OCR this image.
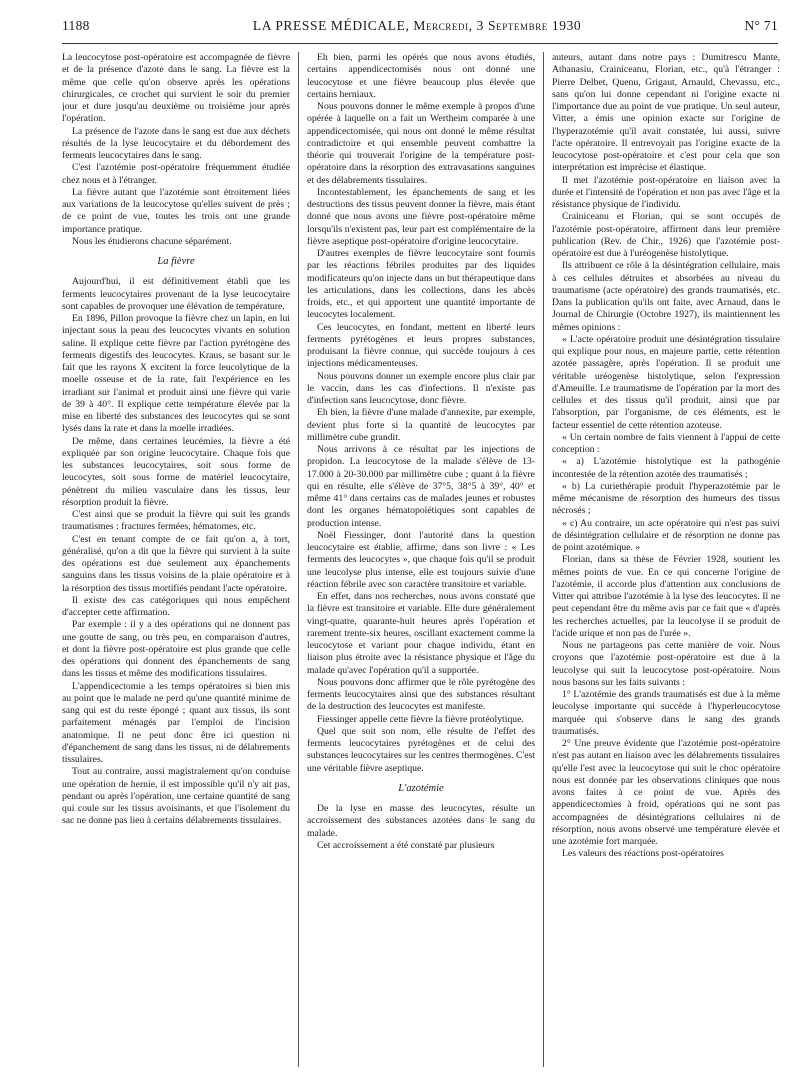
1188	LA PRESSE MÉDICALE, Mercredi, 3 Septembre 1930	N° 71

La leucocytose post-opératoire est accompagnée de fièvre et de la présence d'azote dans le sang. La fièvre est la même que celle qu'on observe après les opérations chirurgicales, ce crochet qui survient le soir du premier jour et dure jusqu'au deuxième ou troisième jour après l'opération.

La présence de l'azote dans le sang est due aux déchets résultés de la lyse leucocytaire et du débordement des ferments leucocytaires dans le sang.

C'est l'azotémie post-opératoire fréquemment étudiée chez nous et à l'étranger.

La fièvre autant que l'azotémie sont étroitement liées aux variations de la leucocytose qu'elles suivent de près ; de ce point de vue, toutes les trois ont une grande importance pratique.

Nous les étudierons chacune séparément.

La fièvre

Aujourd'hui, il est définitivement établi que les ferments leucocytaires provenant de la lyse leucocytaire sont capables de provoquer une élévation de température.

En 1896, Pillon provoque la fièvre chez un lapin, en lui injectant sous la peau des leucocytes vivants en solution saline. Il explique cette fièvre par l'action pyrétogène des ferments digestifs des leucocytes. Kraus, se basant sur le fait que les rayons X excitent la force leucolytique de la moelle osseuse et de la rate, fait l'expérience en les irradiant sur l'animal et produit ainsi une fièvre qui varie de 39 à 40°. Il explique cette température élevée par la mise en liberté des substances des leucocytes qui se sont lysés dans la rate et dans la moelle irradiées.

De même, dans certaines leucémies, la fièvre a été expliquée par son origine leucocytaire. Chaque fois que les substances leucocytaires, soit sous forme de leucocytes, soit sous forme de matériel leucocytaire, pénètrent du milieu vasculaire dans les tissus, leur résorption produit la fièvre.

C'est ainsi que se produit la fièvre qui suit les grands traumatismes : fractures fermées, hématomes, etc.

C'est en tenant compte de ce fait qu'on a, à tort, généralisé, qu'on a dit que la fièvre qui survient à la suite des opérations est due seulement aux épanchements sanguins dans les tissus voisins de la plaie opératoire et à la résorption des tissus mortifiés pendant l'acte opératoire.

Il existe des cas catégoriques qui nous empêchent d'accepter cette affirmation.

Par exemple : il y a des opérations qui ne donnent pas une goutte de sang, ou très peu, en comparaison d'autres, et dont la fièvre post-opératoire est plus grande que celle des opérations qui donnent des épanchements de sang dans les tissus et même des modifications tissulaires.

L'appendicectomie a les temps opératoires si bien mis au point que le malade ne perd qu'une quantité minime de sang qui est du reste épongé ; quant aux tissus, ils sont parfaitement ménagés par l'emploi de l'incision anatomique. Il ne peut donc être ici question ni d'épanchement de sang dans les tissus, ni de délabrements tissulaires.

Tout au contraire, aussi magistralement qu'on conduise une opération de hernie, il est impossible qu'il n'y ait pas, pendant ou après l'opération, une certaine quantité de sang qui coule sur les tissus avoisinants, et que l'isolement du sac ne donne pas lieu à certains délabrements tissulaires.

Eh bien, parmi les opérés que nous avons étudiés, certains appendicectomisés nous ont donné une leucocytose et une fièvre beaucoup plus élevée que certains herniaux.

Nous pouvons donner le même exemple à propos d'une opérée à laquelle on a fait un Wertheim comparée à une appendicectomisée, qui nous ont donné le même résultat contradictoire et qui ensemble peuvent combattre la théorie qui trouverait l'origine de la température post-opératoire dans la résorption des extravasations sanguines et des délabrements tissulaires.

Incontestablement, les épanchements de sang et les destructions des tissus peuvent donner la fièvre, mais étant donné que nous avons une fièvre post-opératoire même lorsqu'ils n'existent pas, leur part est complémentaire de la fièvre aseptique post-opératoire d'origine leucocytaire.

D'autres exemples de fièvre leucocytaire sont fournis par les réactions fébriles produites par des liquides modificateurs qu'on injecte dans un but thérapeutique dans les articulations, dans les collections, dans les abcès froids, etc., et qui apportent une quantité importante de leucocytes localement.

Ces leucocytes, en fondant, mettent en liberté leurs ferments pyrétogènes et leurs propres substances, produisant la fièvre connue, qui succède toujours à ces injections médicamenteuses.

Nous pouvons donner un exemple encore plus clair par le vaccin, dans les cas d'infections. Il n'existe pas d'infection sans leucocytose, donc fièvre.

Eh bien, la fièvre d'une malade d'annexite, par exemple, devient plus forte si la quantité de leucocytes par millimètre cube grandit.

Nous arrivons à ce résultat par les injections de propidon. La leucocytose de la malade s'élève de 13-17.000 à 20-30.000 par millimètre cube ; quant à la fièvre qui en résulte, elle s'élève de 37°5, 38°5 à 39°, 40° et même 41° dans certains cas de malades jeunes et robustes dont les organes hématopoïétiques sont capables de production intense.

Noël Fiessinger, dont l'autorité dans la question leucocytaire est établie, affirme, dans son livre : « Les ferments des leucocytes », que chaque fois qu'il se produit une leucolyse plus intense, elle est toujours suivie d'une réaction fébrile avec son caractère transitoire et variable.

En effet, dans nos recherches, nous avons constaté que la fièvre est transitoire et variable. Elle dure généralement vingt-quatre, quarante-huit heures après l'opération et rarement trente-six heures, oscillant exactement comme la leucocytose et variant pour chaque individu, étant en liaison plus étroite avec la résistance physique et l'âge du malade qu'avec l'opération qu'il a supportée.

Nous pouvons donc affirmer que le rôle pyrétogène des ferments leucocytaires ainsi que des substances résultant de la destruction des leucocytes est manifeste.

Fiessinger appelle cette fièvre la fièvre protéolytique.

Quel que soit son nom, elle résulte de l'effet des ferments leucocytaires pyrétogènes et de celui des substances leucocytaires sur les centres thermogènes. C'est une véritable fièvre aseptique.

L'azotémie

De la lyse en masse des leucocytes, résulte un accroissement des substances azotées dans le sang du malade.

Cet accroissement a été constaté par plusieurs

auteurs, autant dans notre pays : Dumitrescu Mante, Athanasiu, Crainiceanu, Florian, etc., qu'à l'étranger : Pierre Delbet, Quenu, Grigaut, Arnauld, Chevassu, etc., sans qu'on lui donne cependant ni l'origine exacte ni l'importance due au point de vue pratique. Un seul auteur, Vitter, a émis une opinion exacte sur l'origine de l'hyperazotémie qu'il avait constatée, lui aussi, suivre l'acte opératoire. Il entrevoyait pas l'origine exacte de la leucocytose post-opératoire et c'est pour cela que son interprétation est imprécise et élastique.

Il met l'azotémie post-opératoire en liaison avec la durée et l'intensité de l'opération et non pas avec l'âge et la résistance physique de l'individu.

Crainiceanu et Florian, qui se sont occupés de l'azotémie post-opératoire, affirment dans leur première publication (Rev. de Chir., 1926) que l'azotémie post-opératoire est due à l'uréogenèse histolytique.

Ils attribuent ce rôle à la désintégration cellulaire, mais à ces cellules détruites et absorbées au niveau du traumatisme (acte opératoire) des grands traumatisés, etc. Dans la publication qu'ils ont faite, avec Arnaud, dans le Journal de Chirurgie (Octobre 1927), ils maintiennent les mêmes opinions :

« L'acte opératoire produit une désintégration tissulaire qui explique pour nous, en majeure partie, cette rétention azotée passagère, après l'opération. Il se produit une véritable uréogenèse histolytique, selon l'expression d'Ameuille. Le traumatisme de l'opération par la mort des cellules et des tissus qu'il produit, ainsi que par l'absorption, par l'organisme, de ces éléments, est le facteur essentiel de cette rétention azoteuse.

« Un certain nombre de faits viennent à l'appui de cette conception :

« a) L'azotémie histolytique est la pathogénie incontestée de la rétention azotée des traumatisés ;

« b) La curiethérapie produit l'hyperazotémie par le même mécanisme de résorption des humeurs des tissus nécrosés ;

« c) Au contraire, un acte opératoire qui n'est pas suivi de désintégration cellulaire et de résorption ne donne pas de point azotémique. »

Florian, dans sa thèse de Février 1928, soutient les mêmes points de vue. En ce qui concerne l'origine de l'azotémie, il accorde plus d'attention aux conclusions de Vitter qui attribue l'azotémie à la lyse des leucocytes. Il ne peut cependant être du même avis par ce fait que « d'après les recherches actuelles, par la leucolyse il se produit de l'acide urique et non pas de l'urée ».

Nous ne partageons pas cette manière de voir. Nous croyons que l'azotémie post-opératoire est due à la leucolyse qui suit la leucocytose post-opératoire. Nous nous basons sur les faits suivants :

1° L'azotémie des grands traumatisés est due à la même leucolyse importante qui succède à l'hyperleucocytose marquée qui s'observe dans le sang des grands traumatisés.

2° Une preuve évidente que l'azotémie post-opératoire n'est pas autant en liaison avec les délabrements tissulaires qu'elle l'est avec la leucocytose qui suit le choc opératoire nous est donnée par les observations cliniques que nous avons faites à ce point de vue. Après des appendicectomies à froid, opérations qui ne sont pas accompagnées de désintégrations cellulaires ni de résorption, nous avons observé une température élevée et une azotémie fort marquée.

Les valeurs des réactions post-opératoires
